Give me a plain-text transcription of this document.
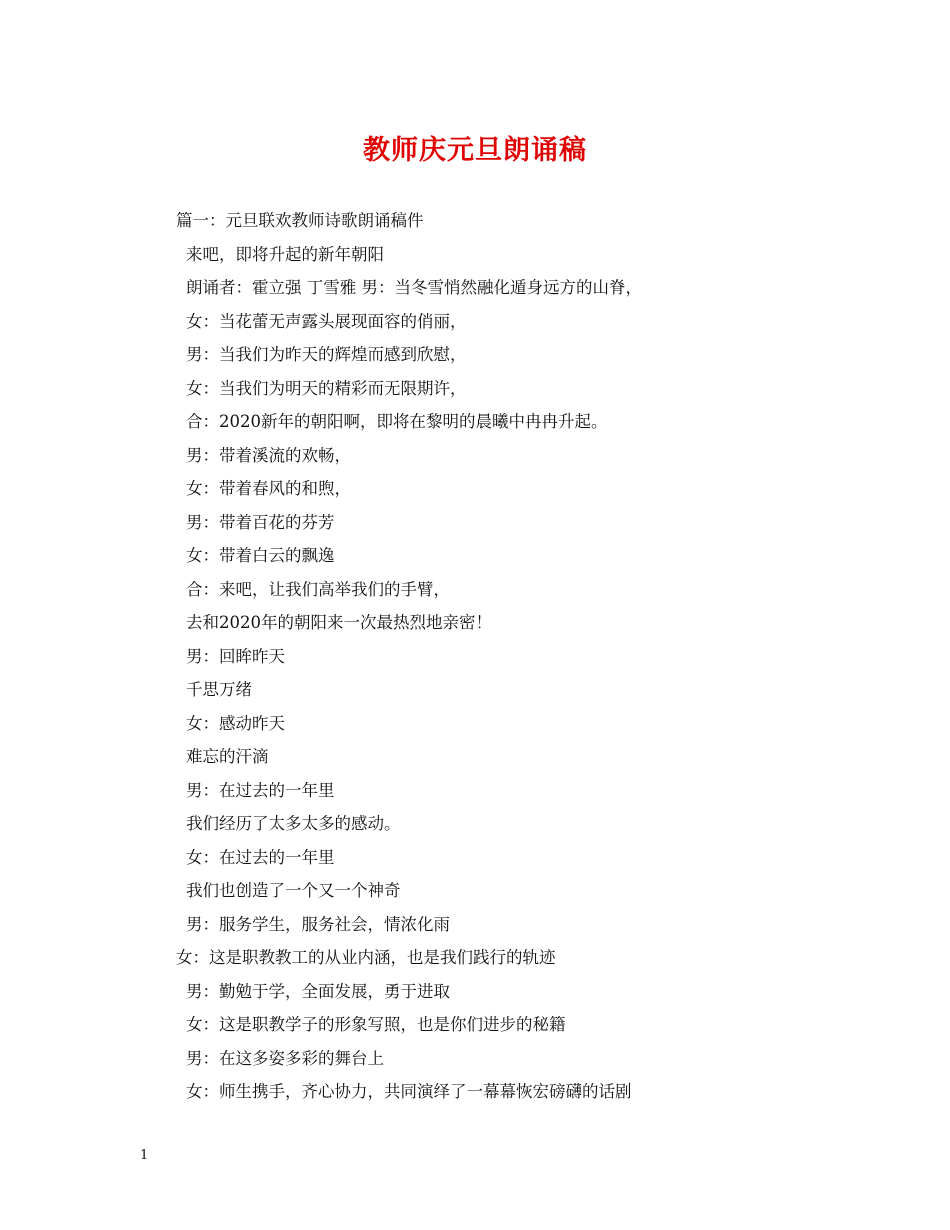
教师庆元旦朗诵稿
篇一：元旦联欢教师诗歌朗诵稿件
来吧，即将升起的新年朝阳
朗诵者：霍立强 丁雪雅 男：当冬雪悄然融化遁身远方的山脊，
女：当花蕾无声露头展现面容的俏丽，
男：当我们为昨天的辉煌而感到欣慰，
女：当我们为明天的精彩而无限期许，
合：2020新年的朝阳啊，即将在黎明的晨曦中冉冉升起。
男：带着溪流的欢畅，
女：带着春风的和煦，
男：带着百花的芬芳
女：带着白云的飘逸
合：来吧，让我们高举我们的手臂，
去和2020年的朝阳来一次最热烈地亲密！
男：回眸昨天
千思万绪
女：感动昨天
难忘的汗滴
男：在过去的一年里
我们经历了太多太多的感动。
女：在过去的一年里
我们也创造了一个又一个神奇
男：服务学生，服务社会，情浓化雨
女：这是职教教工的从业内涵，也是我们践行的轨迹
男：勤勉于学，全面发展，勇于进取
女：这是职教学子的形象写照，也是你们进步的秘籍
男：在这多姿多彩的舞台上
女：师生携手，齐心协力，共同演绎了一幕幕恢宏磅礴的话剧
1
